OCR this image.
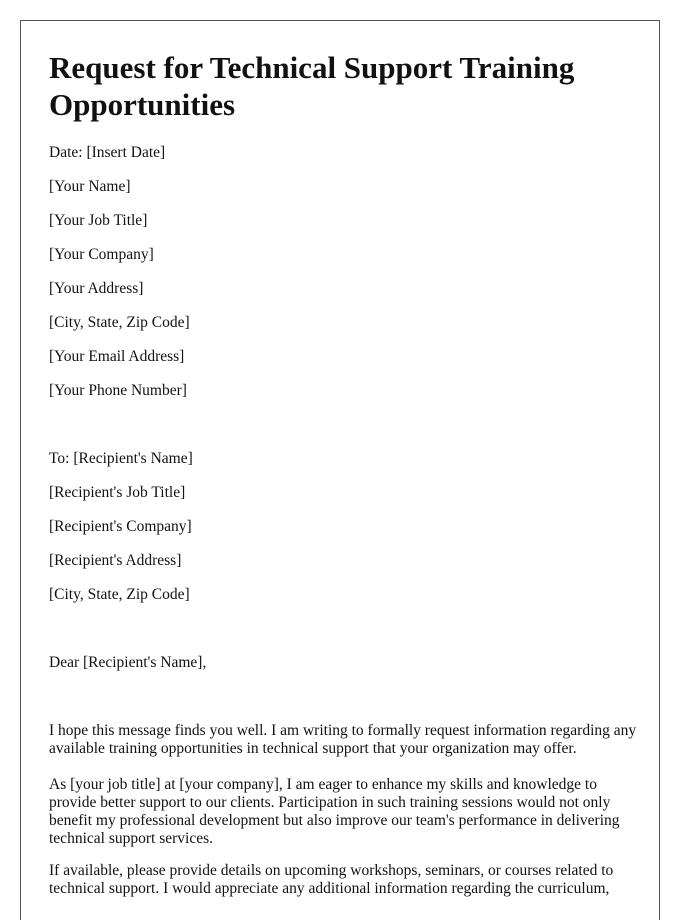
Request for Technical Support Training Opportunities

Date: [Insert Date]

[Your Name]

[Your Job Title]

[Your Company]

[Your Address]

[City, State, Zip Code]

[Your Email Address]

[Your Phone Number]

To: [Recipient's Name]

[Recipient's Job Title]

[Recipient's Company]

[Recipient's Address]

[City, State, Zip Code]

Dear [Recipient's Name],

I hope this message finds you well. I am writing to formally request information regarding any available training opportunities in technical support that your organization may offer.

As [your job title] at [your company], I am eager to enhance my skills and knowledge to provide better support to our clients. Participation in such training sessions would not only benefit my professional development but also improve our team's performance in delivering technical support services.

If available, please provide details on upcoming workshops, seminars, or courses related to technical support. I would appreciate any additional information regarding the curriculum,
